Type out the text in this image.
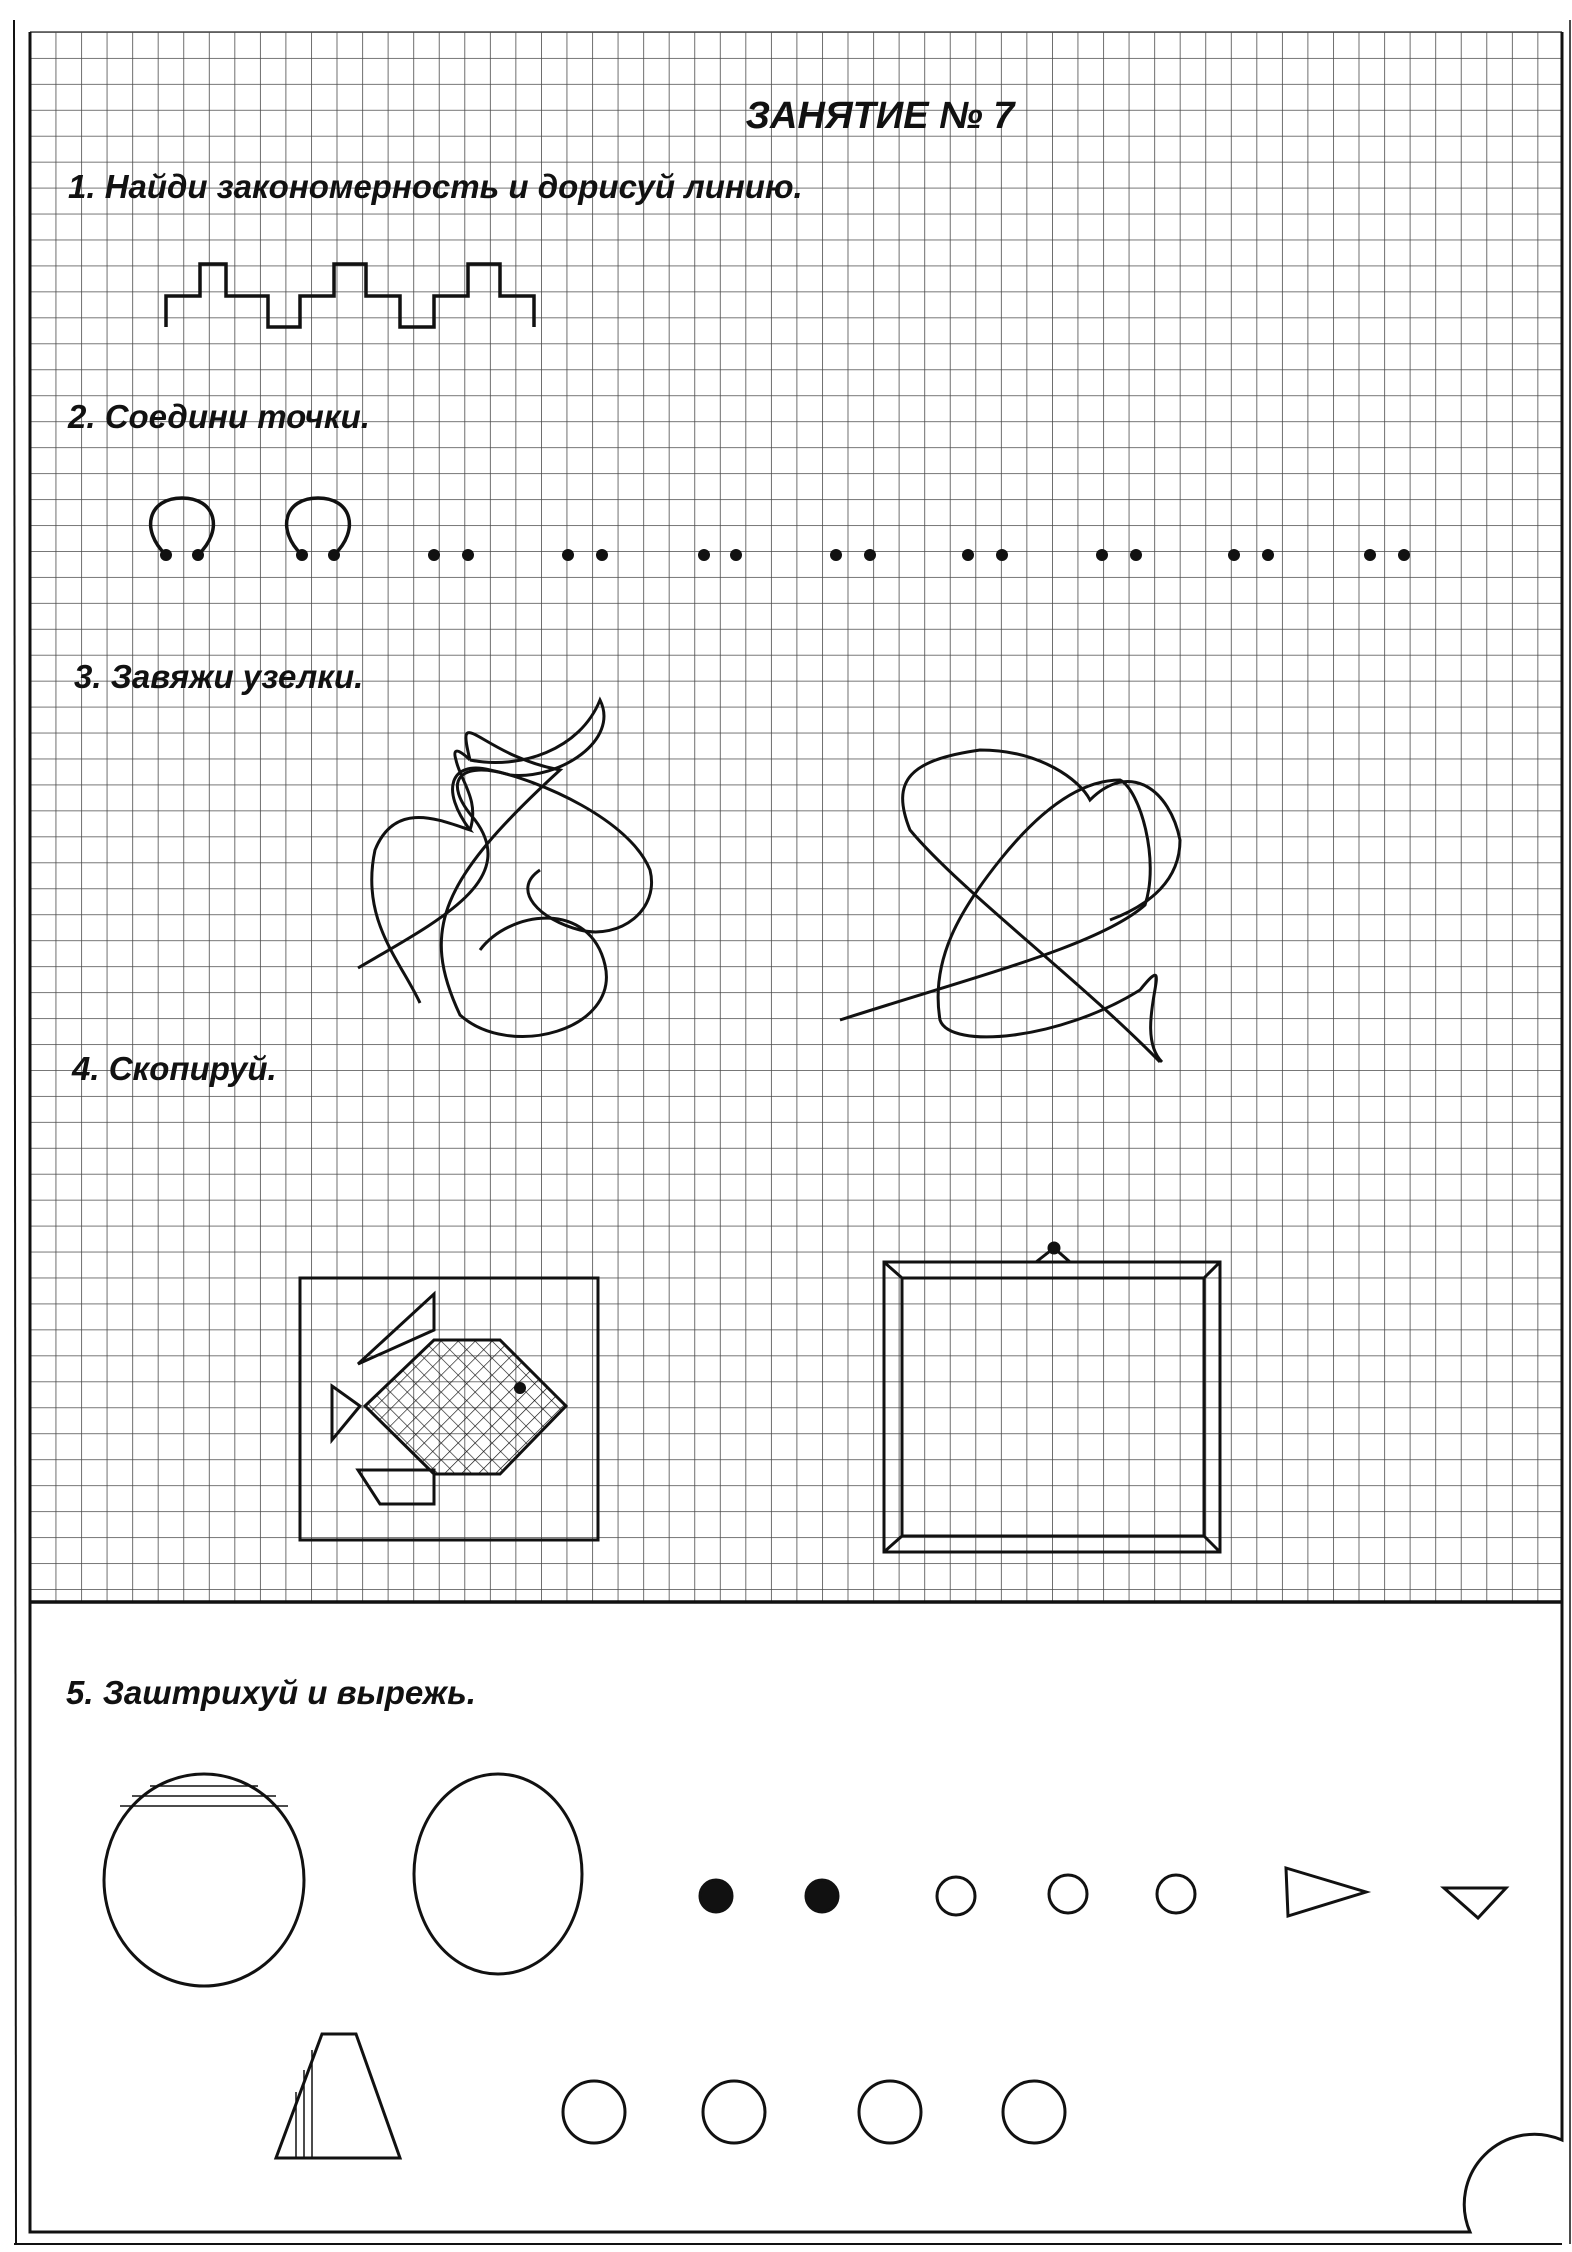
ЗАНЯТИЕ № 7
1. Найди закономерность и дорисуй линию.
2. Соедини точки.
3. Завяжи узелки.
4. Скопируй.
5. Заштрихуй и вырежь.
